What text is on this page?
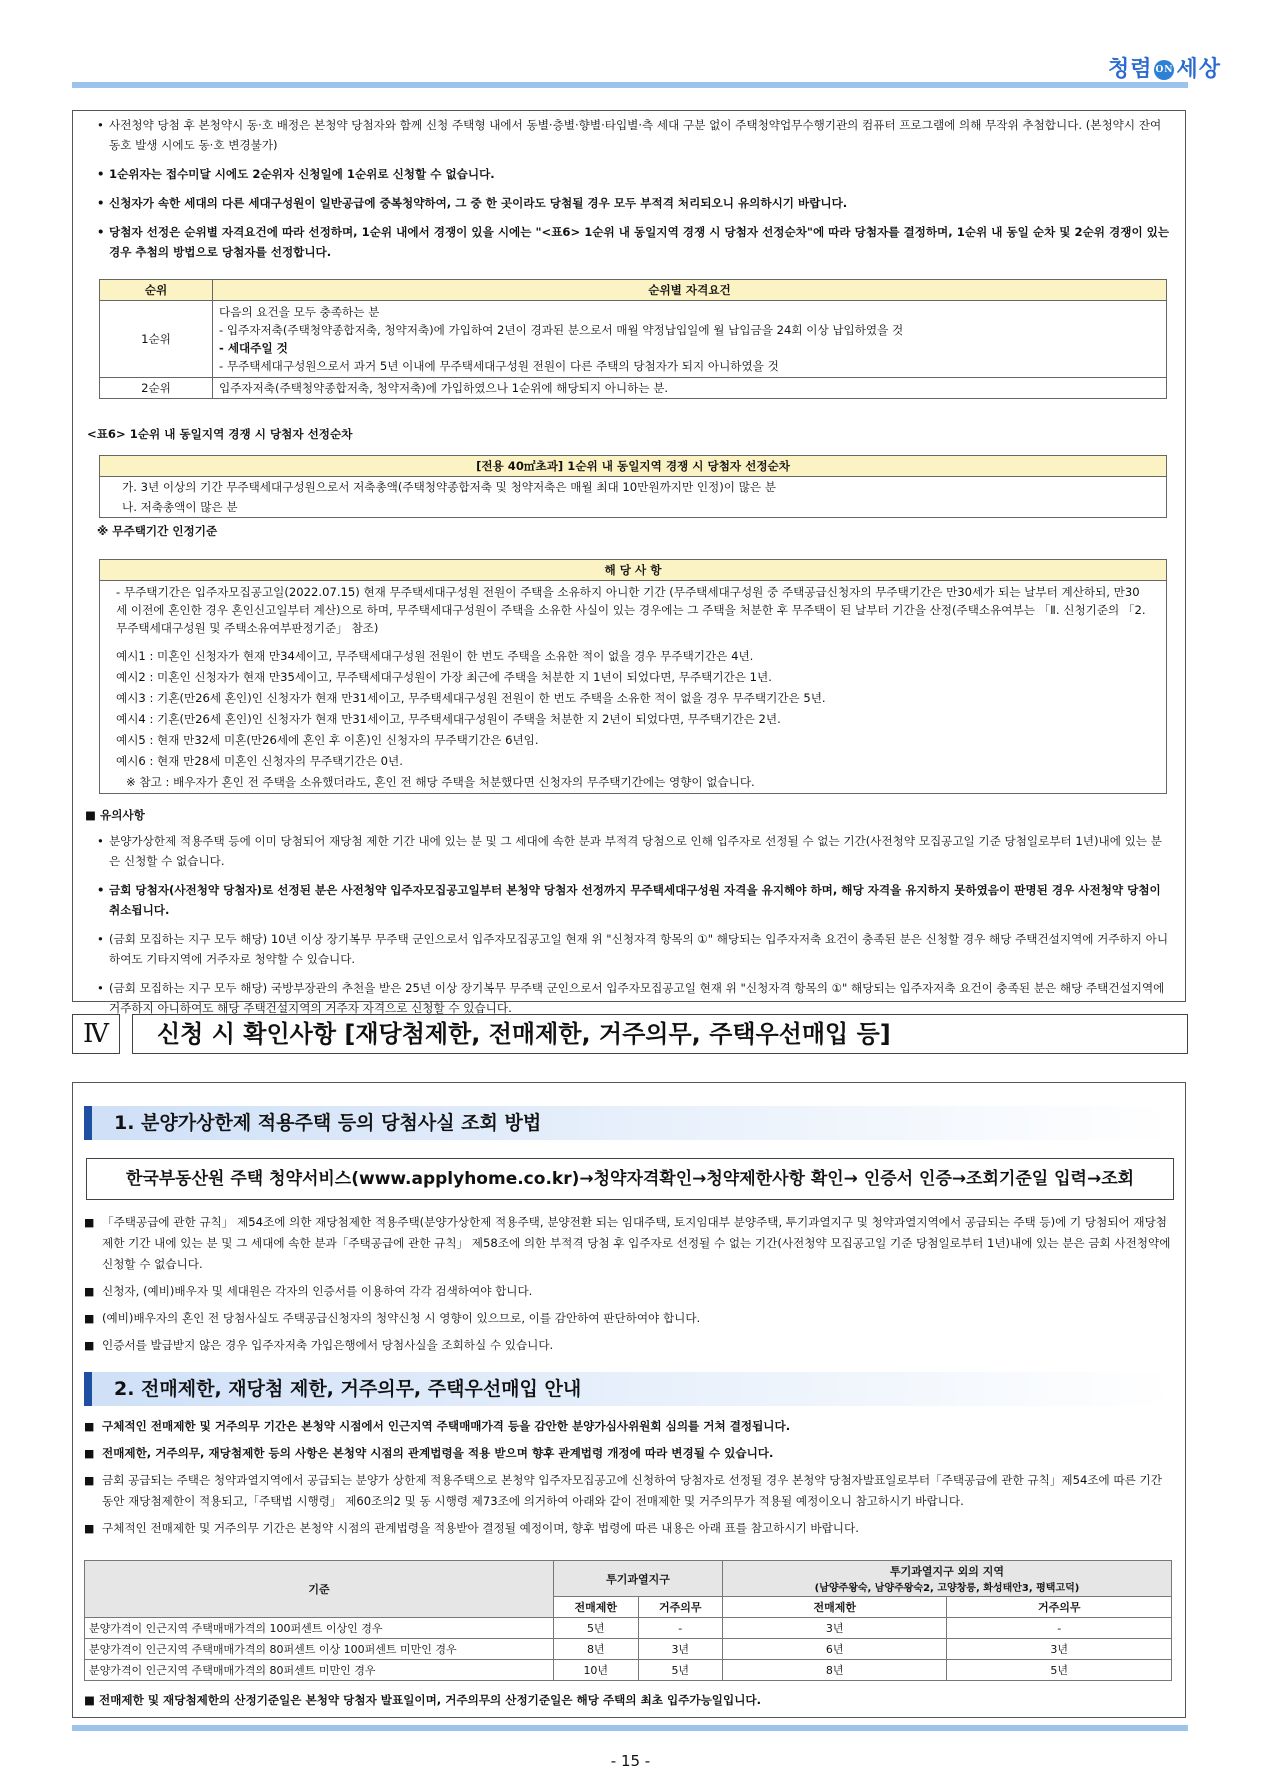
청렴 ON 세상

• 사전청약 당첨 후 본청약시 동·호 배정은 본청약 당첨자와 함께 신청 주택형 내에서 동별·층별·향별·타입별·측 세대 구분 없이 주택청약업무수행기관의 컴퓨터 프로그램에 의해 무작위 추첨합니다. (본청약시 잔여 동호 발생 시에도 동·호 변경불가)

• 1순위자는 접수미달 시에도 2순위자 신청일에 1순위로 신청할 수 없습니다.

• 신청자가 속한 세대의 다른 세대구성원이 일반공급에 중복청약하여, 그 중 한 곳이라도 당첨될 경우 모두 부적격 처리되오니 유의하시기 바랍니다.

• 당첨자 선정은 순위별 자격요건에 따라 선정하며, 1순위 내에서 경쟁이 있을 시에는 "<표6> 1순위 내 동일지역 경쟁 시 당첨자 선정순차"에 따라 당첨자를 결정하며, 1순위 내 동일 순차 및 2순위 경쟁이 있는 경우 추첨의 방법으로 당첨자를 선정합니다.

순위	순위별 자격요건
1순위	다음의 요건을 모두 충족하는 분
- 입주자저축(주택청약종합저축, 청약저축)에 가입하여 2년이 경과된 분으로서 매월 약정납입일에 월 납입금을 24회 이상 납입하였을 것
- 세대주일 것
- 무주택세대구성원으로서 과거 5년 이내에 무주택세대구성원 전원이 다른 주택의 당첨자가 되지 아니하였을 것

2순위	입주자저축(주택청약종합저축, 청약저축)에 가입하였으나 1순위에 해당되지 아니하는 분.
<표6> 1순위 내 동일지역 경쟁 시 당첨자 선정순차
[전용 40㎡초과] 1순위 내 동일지역 경쟁 시 당첨자 선정순차
가. 3년 이상의 기간 무주택세대구성원으로서 저축총액(주택청약종합저축 및 청약저축은 매월 최대 10만원까지만 인정)이 많은 분
나. 저축총액이 많은 분
※ 무주택기간 인정기준
해 당 사 항
- 무주택기간은 입주자모집공고일(2022.07.15) 현재 무주택세대구성원 전원이 주택을 소유하지 아니한 기간 (무주택세대구성원 중 주택공급신청자의 무주택기간은 만30세가 되는 날부터 계산하되, 만30세 이전에 혼인한 경우 혼인신고일부터 계산)으로 하며, 무주택세대구성원이 주택을 소유한 사실이 있는 경우에는 그 주택을 처분한 후 무주택이 된 날부터 기간을 산정(주택소유여부는 「Ⅱ. 신청기준의 「2. 무주택세대구성원 및 주택소유여부판정기준」 참조)
예시1 : 미혼인 신청자가 현재 만34세이고, 무주택세대구성원 전원이 한 번도 주택을 소유한 적이 없을 경우 무주택기간은 4년.
예시2 : 미혼인 신청자가 현재 만35세이고, 무주택세대구성원이 가장 최근에 주택을 처분한 지 1년이 되었다면, 무주택기간은 1년.
예시3 : 기혼(만26세 혼인)인 신청자가 현재 만31세이고, 무주택세대구성원 전원이 한 번도 주택을 소유한 적이 없을 경우 무주택기간은 5년.
예시4 : 기혼(만26세 혼인)인 신청자가 현재 만31세이고, 무주택세대구성원이 주택을 처분한 지 2년이 되었다면, 무주택기간은 2년.
예시5 : 현재 만32세 미혼(만26세에 혼인 후 이혼)인 신청자의 무주택기간은 6년임.
예시6 : 현재 만28세 미혼인 신청자의 무주택기간은 0년.
※ 참고 : 배우자가 혼인 전 주택을 소유했더라도, 혼인 전 해당 주택을 처분했다면 신청자의 무주택기간에는 영향이 없습니다.
■ 유의사항

• 분양가상한제 적용주택 등에 이미 당첨되어 재당첨 제한 기간 내에 있는 분 및 그 세대에 속한 분과 부적격 당첨으로 인해 입주자로 선정될 수 없는 기간(사전청약 모집공고일 기준 당첨일로부터 1년)내에 있는 분은 신청할 수 없습니다.

• 금회 당첨자(사전청약 당첨자)로 선정된 분은 사전청약 입주자모집공고일부터 본청약 당첨자 선정까지 무주택세대구성원 자격을 유지해야 하며, 해당 자격을 유지하지 못하였음이 판명된 경우 사전청약 당첨이 취소됩니다.

• (금회 모집하는 지구 모두 해당) 10년 이상 장기복무 무주택 군인으로서 입주자모집공고일 현재 위 "신청자격 항목의 ①" 해당되는 입주자저축 요건이 충족된 분은 신청할 경우 해당 주택건설지역에 거주하지 아니하여도 기타지역에 거주자로 청약할 수 있습니다.

• (금회 모집하는 지구 모두 해당) 국방부장관의 추천을 받은 25년 이상 장기복무 무주택 군인으로서 입주자모집공고일 현재 위 "신청자격 항목의 ①" 해당되는 입주자저축 요건이 충족된 분은 해당 주택건설지역에 거주하지 아니하여도 해당 주택건설지역의 거주자 자격으로 신청할 수 있습니다.

Ⅳ	신청 시 확인사항 [재당첨제한, 전매제한, 거주의무, 주택우선매입 등]
1. 분양가상한제 적용주택 등의 당첨사실 조회 방법
한국부동산원 주택 청약서비스(www.applyhome.co.kr)→청약자격확인→청약제한사항 확인→ 인증서 인증→조회기준일 입력→조회

■ 「주택공급에 관한 규칙」 제54조에 의한 재당첨제한 적용주택(분양가상한제 적용주택, 분양전환 되는 임대주택, 토지임대부 분양주택, 투기과열지구 및 청약과열지역에서 공급되는 주택 등)에 기 당첨되어 재당첨 제한 기간 내에 있는 분 및 그 세대에 속한 분과「주택공급에 관한 규칙」 제58조에 의한 부적격 당첨 후 입주자로 선정될 수 없는 기간(사전청약 모집공고일 기준 당첨일로부터 1년)내에 있는 분은 금회 사전청약에 신청할 수 없습니다.

■ 신청자, (예비)배우자 및 세대원은 각자의 인증서를 이용하여 각각 검색하여야 합니다.

■ (예비)배우자의 혼인 전 당첨사실도 주택공급신청자의 청약신청 시 영향이 있으므로, 이를 감안하여 판단하여야 합니다.

■ 인증서를 발급받지 않은 경우 입주자저축 가입은행에서 당첨사실을 조회하실 수 있습니다.

2. 전매제한, 재당첨 제한, 거주의무, 주택우선매입 안내

■ 구체적인 전매제한 및 거주의무 기간은 본청약 시점에서 인근지역 주택매매가격 등을 감안한 분양가심사위원회 심의를 거쳐 결정됩니다.

■ 전매제한, 거주의무, 재당첨제한 등의 사항은 본청약 시점의 관계법령을 적용 받으며 향후 관계법령 개정에 따라 변경될 수 있습니다.

■ 금회 공급되는 주택은 청약과열지역에서 공급되는 분양가 상한제 적용주택으로 본청약 입주자모집공고에 신청하여 당첨자로 선정될 경우 본청약 당첨자발표일로부터「주택공급에 관한 규칙」제54조에 따른 기간 동안 재당첨제한이 적용되고,「주택법 시행령」 제60조의2 및 동 시행령 제73조에 의거하여 아래와 같이 전매제한 및 거주의무가 적용될 예정이오니 참고하시기 바랍니다.

■ 구체적인 전매제한 및 거주의무 기간은 본청약 시점의 관계법령을 적용받아 결정될 예정이며, 향후 법령에 따른 내용은 아래 표를 참고하시기 바랍니다.

기준	투기과열지구		투기과열지구 외의 지역
(남양주왕숙, 남양주왕숙2, 고양창릉, 화성태안3, 평택고덕)	

	전매제한	거주의무	전매제한	거주의무
분양가격이 인근지역 주택매매가격의 100퍼센트 이상인 경우	5년	-	3년	-
분양가격이 인근지역 주택매매가격의 80퍼센트 이상 100퍼센트 미만인 경우	8년	3년	6년	3년
분양가격이 인근지역 주택매매가격의 80퍼센트 미만인 경우	10년	5년	8년	5년
■ 전매제한 및 재당첨제한의 산정기준일은 본청약 당첨자 발표일이며, 거주의무의 산정기준일은 해당 주택의 최초 입주가능일입니다.
- 15 -
